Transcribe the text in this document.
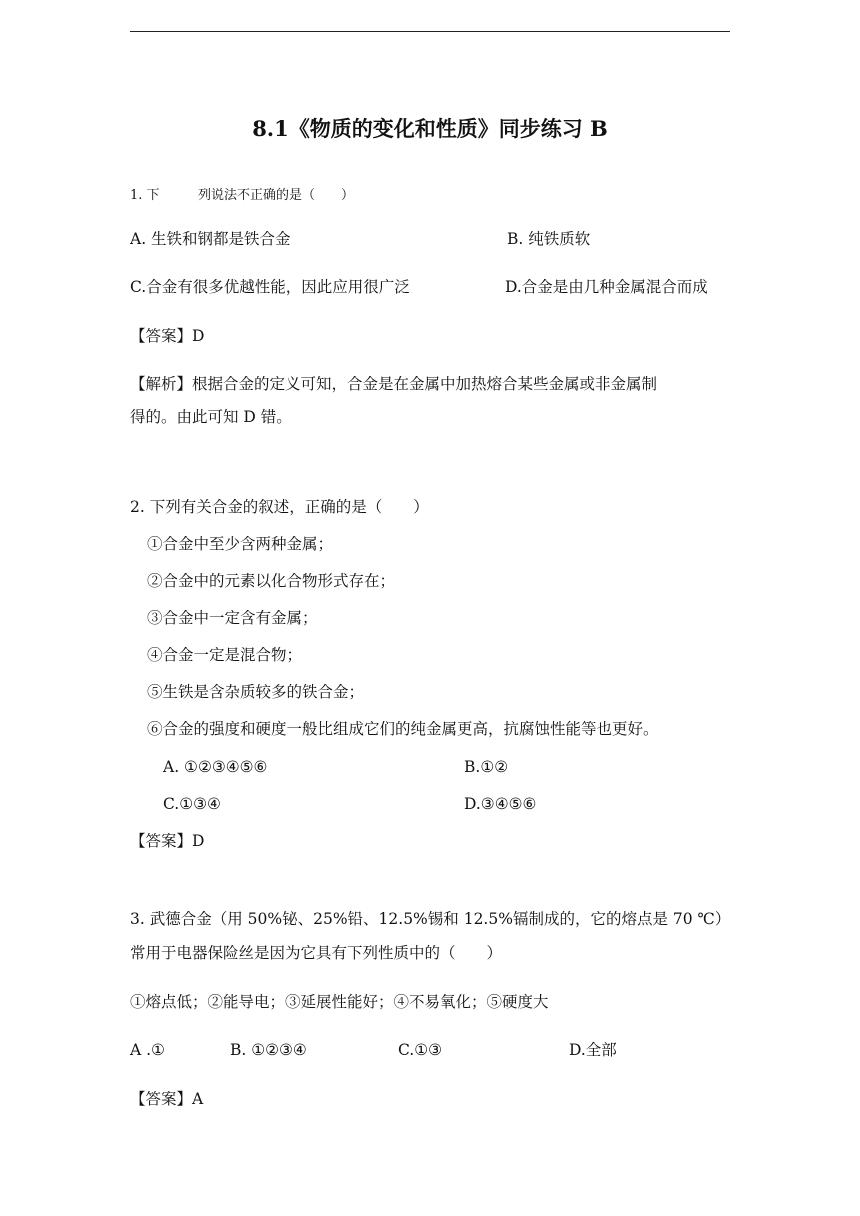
8.1《物质的变化和性质》同步练习 B
1. 下	列说法不正确的是（　　）
A. 生铁和钢都是铁合金	B. 纯铁质软
C.合金有很多优越性能，因此应用很广泛	D.合金是由几种金属混合而成
【答案】D
【解析】根据合金的定义可知，合金是在金属中加热熔合某些金属或非金属制
得的。由此可知 D 错。
2. 下列有关合金的叙述，正确的是（　　）
①合金中至少含两种金属；
②合金中的元素以化合物形式存在；
③合金中一定含有金属；
④合金一定是混合物；
⑤生铁是含杂质较多的铁合金；
⑥合金的强度和硬度一般比组成它们的纯金属更高，抗腐蚀性能等也更好。
A. ①②③④⑤⑥	B.①②
C.①③④	D.③④⑤⑥
【答案】D
3. 武德合金（用 50%铋、25%铅、12.5%锡和 12.5%镉制成的，它的熔点是 70 ℃）
常用于电器保险丝是因为它具有下列性质中的（　　）
①熔点低；②能导电；③延展性能好；④不易氧化；⑤硬度大
A .①	B. ①②③④	C.①③	D.全部
【答案】A
